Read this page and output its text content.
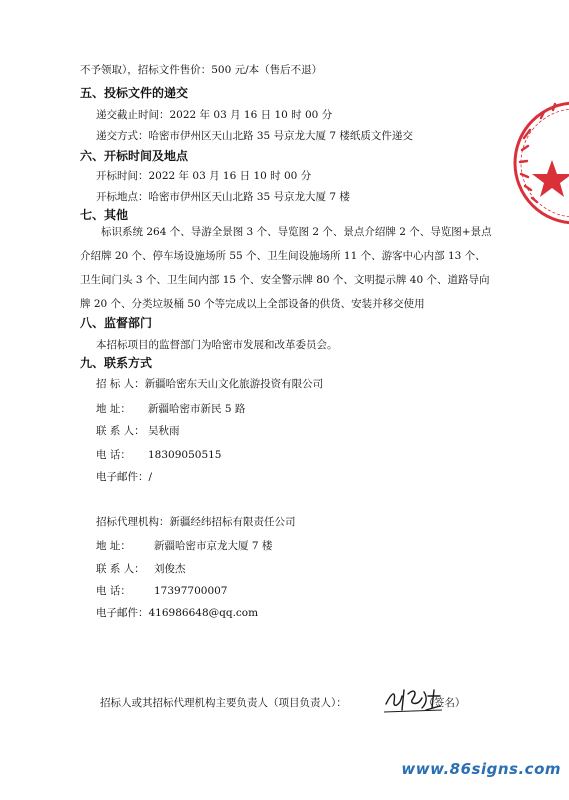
不予领取），招标文件售价：500 元/本（售后不退）
五、投标文件的递交
递交截止时间：2022 年 03 月 16 日 10 时 00 分
递交方式：哈密市伊州区天山北路 35 号京龙大厦 7 楼纸质文件递交
六、开标时间及地点
开标时间：2022 年 03 月 16 日 10 时 00 分
开标地点：哈密市伊州区天山北路 35 号京龙大厦 7 楼
七、其他
标识系统 264 个、导游全景图 3 个、导览图 2 个、景点介绍牌 2 个、导览图+景点介绍牌 20 个、停车场设施场所 55 个、卫生间设施场所 11 个、游客中心内部 13 个、卫生间门头 3 个、卫生间内部 15 个、安全警示牌 80 个、文明提示牌 40 个、道路导向牌 20 个、分类垃圾桶 50 个等完成以上全部设备的供货、安装并移交使用
八、监督部门
本招标项目的监督部门为哈密市发展和改革委员会。
九、联系方式
招 标 人：新疆哈密东天山文化旅游投资有限公司
地 址： 新疆哈密市新民 5 路
联 系 人： 吴秋雨
电 话： 18309050515
电子邮件：/
招标代理机构：新疆经纬招标有限责任公司
地 址： 新疆哈密市京龙大厦 7 楼
联 系 人： 刘俊杰
电 话： 17397700007
电子邮件：416986648@qq.com
招标人或其招标代理机构主要负责人（项目负责人）：	（签名）
www.86signs.com
